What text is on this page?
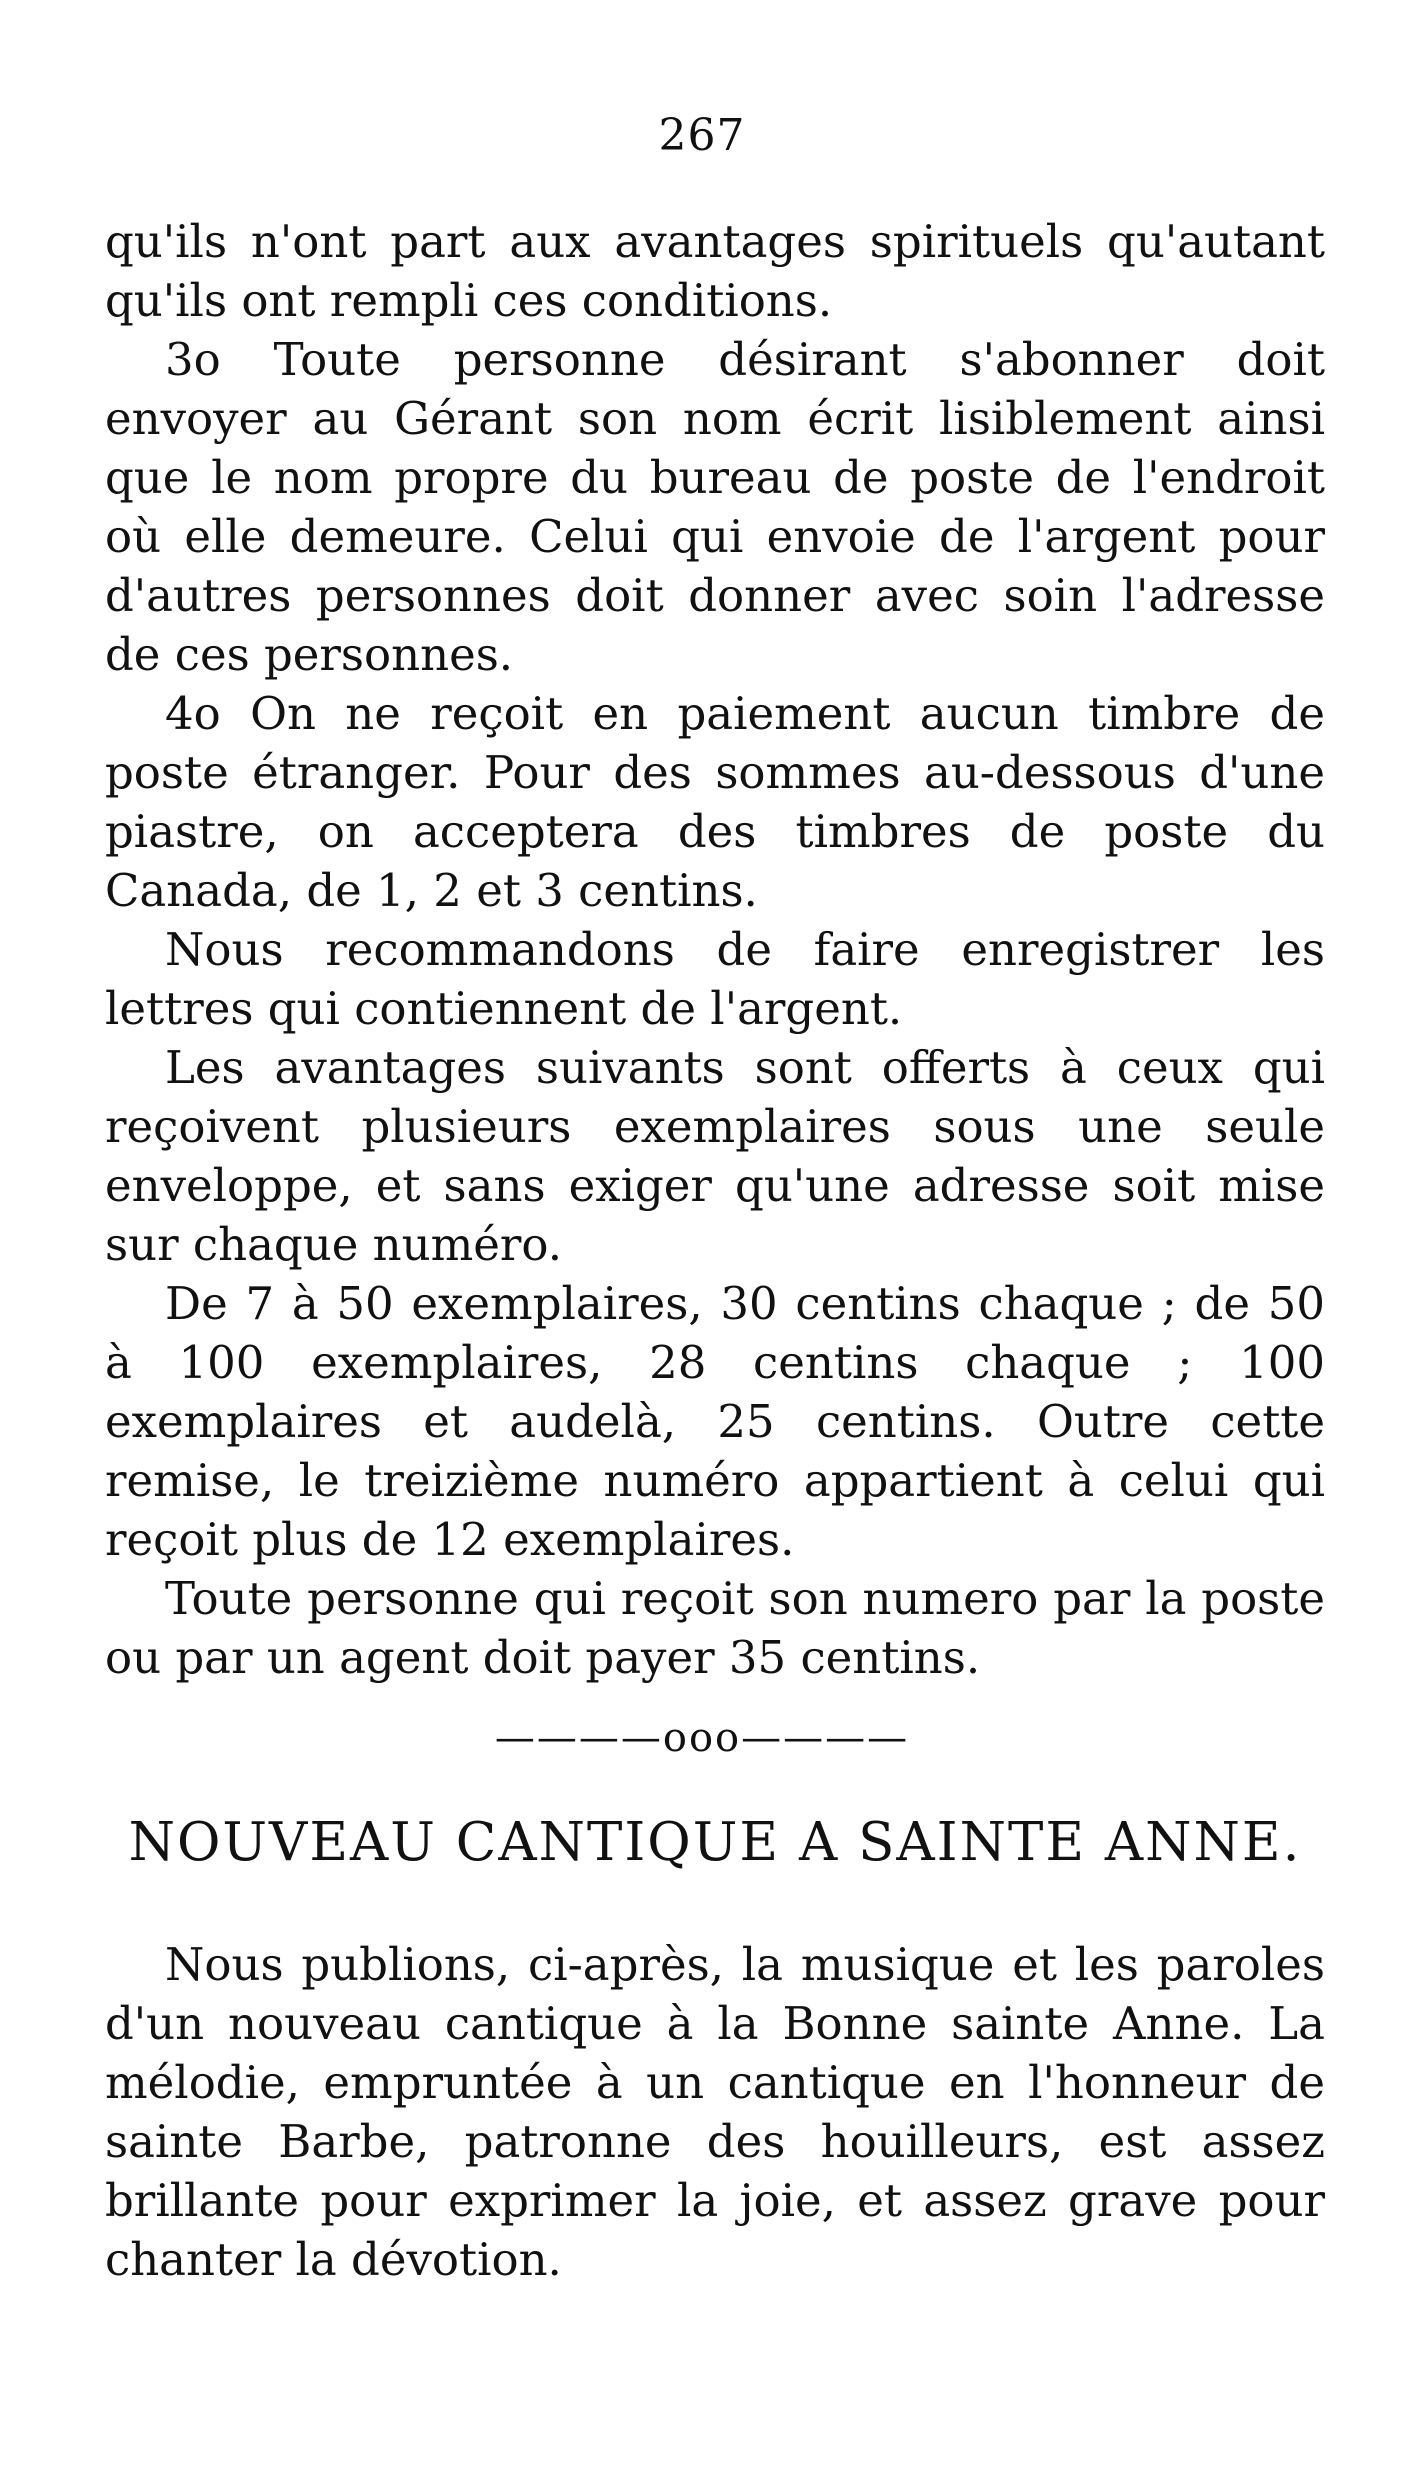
267

qu'ils n'ont part aux avantages spirituels qu'autant qu'ils ont rempli ces conditions.

3o Toute personne désirant s'abonner doit envoyer au Gérant son nom écrit lisiblement ainsi que le nom propre du bureau de poste de l'endroit où elle demeure. Celui qui envoie de l'argent pour d'autres personnes doit donner avec soin l'adresse de ces personnes.

4o On ne reçoit en paiement aucun timbre de poste étranger. Pour des sommes au-dessous d'une piastre, on acceptera des timbres de poste du Canada, de 1, 2 et 3 centins.

Nous recommandons de faire enregistrer les lettres qui contiennent de l'argent.

Les avantages suivants sont offerts à ceux qui reçoivent plusieurs exemplaires sous une seule enveloppe, et sans exiger qu'une adresse soit mise sur chaque numéro.

De 7 à 50 exemplaires, 30 centins chaque ; de 50 à 100 exemplaires, 28 centins chaque ; 100 exemplaires et audelà, 25 centins. Outre cette remise, le treizième numéro appartient à celui qui reçoit plus de 12 exemplaires.

Toute personne qui reçoit son numero par la poste ou par un agent doit payer 35 centins.

————ooo————
NOUVEAU CANTIQUE A SAINTE ANNE.

Nous publions, ci-après, la musique et les paroles d'un nouveau cantique à la Bonne sainte Anne. La mélodie, empruntée à un cantique en l'honneur de sainte Barbe, patronne des houilleurs, est assez brillante pour exprimer la joie, et assez grave pour chanter la dévotion.
